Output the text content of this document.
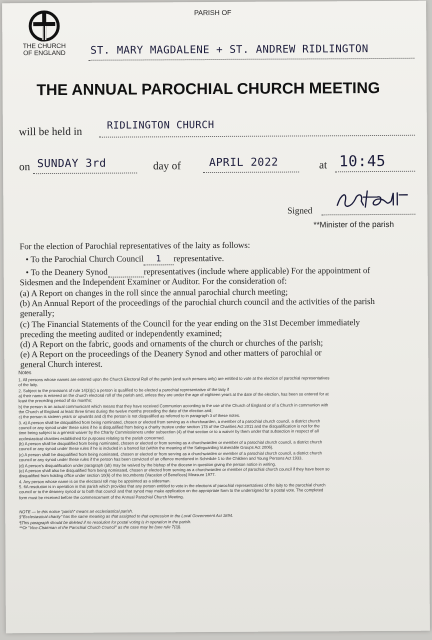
THE CHURCH
OF ENGLAND
PARISH OF
ST. MARY MAGDALENE + ST. ANDREW RIDLINGTON
THE ANNUAL PAROCHIAL CHURCH MEETING
will be held in RIDLINGTON CHURCH
on SUNDAY 3rd	day of	APRIL 2022	at 10:45
Signed
**Minister of the parish
For the election of Parochial representatives of the laity as follows:
• To the Parochial Church Council 1 representative.
• To the Deanery Synod	representatives (include where applicable) For the appointment of
Sidesmen and the Independent Examiner or Auditor. For the consideration of:
(a) A Report on changes in the roll since the annual parochial church meeting;
(b) An Annual Report of the proceedings of the parochial church council and the activities of the parish
generally;
(c) The Financial Statements of the Council for the year ending on the 31st December immediately
preceding the meeting audited or independently examined;
(d) A Report on the fabric, goods and ornaments of the church or churches of the parish;
(e) A Report on the proceedings of the Deanery Synod and other matters of parochial or
general Church interest.
Notes
1. All persons whose names are entered upon the Church Electoral Roll of the parish (and such persons only) are entitled to vote at the election of parochial representatives
of the laity.
2. Subject to the provisions of rule 14(3)(c) a person is qualified to be elected a parochial representative of the laity if
a) their name is entered on the church electoral roll of the parish and, unless they are under the age of eighteen years at the date of the election, has been so entered for at
least the preceding period of six months;
b) the person is an actual communicant which means that they have received Communion according to the use of the Church of England or of a Church in communion with
the Church of England at least three times during the twelve months preceding the date of the election and;
c) the person is sixteen years or upwards and d) the person is not disqualified as referred to in paragraph 3 of these notes.
3. a) A person shall be disqualified from being nominated, chosen or elected from serving as a churchwarden, a member of a parochial church council, a district church
council or any synod under these rules if he is disqualified from being a charity trustee under section 178 of the Charities Act 2011 and the disqualification is not for the
time being subject to a general waiver by the Charity Commissioners under subsection (4) of that section or to a waiver by them under that subsection in respect of all
ecclesiastical charities established for purposes relating to the parish concerned.
(b) A person shall be disqualified from being nominated, chosen or elected or from serving as a churchwarden or member of a parochial church council, a district church
council or any synod under these rules if he is included in a barred list (within the meaning of the Safeguarding Vulnerable Groups Act 2006).
(c) A person shall be disqualified from being nominated, chosen or elected or from serving as a churchwarden or member of a parochial church council, a district church
council or any synod under these rules if the person has been convicted of an offence mentioned in Schedule 1 to the Children and Young Persons Act 1933.
(d) A person's disqualification under paragraph (ab) may be waived by the bishop of the diocese in question giving the person notice in writing.
(e) A person shall also be disqualified from being nominated, chosen or elected from serving as a churchwarden or member of parochial church council if they have been so
disqualified from holding office under section 10(6) of the Incumbents (Vacation of Benefices) Measure 1977.
4. Any person whose name is on the electoral roll may be appointed as a sidesman.
5. 6A resolution is in operation in this parish which provides that any person entitled to vote in the elections of parochial representatives of the laity to the parochial church
council or to the deanery synod or to both that council and that synod may make application on the appropriate form to the undersigned for a postal vote. The completed
form must be received before the commencement of the Annual Parochial Church Meeting.
NOTE — In this notice "parish" means an ecclesiastical parish.
§"Ecclesiastical charity" has the same meaning as that assigned to that expression in the Local Government Act 1894.
¶This paragraph should be deleted if no resolution for postal voting is in operation in the parish.
**Or "Vice-Chairman of the Parochial Church Council" as the case may be (see rule 7(3)).
